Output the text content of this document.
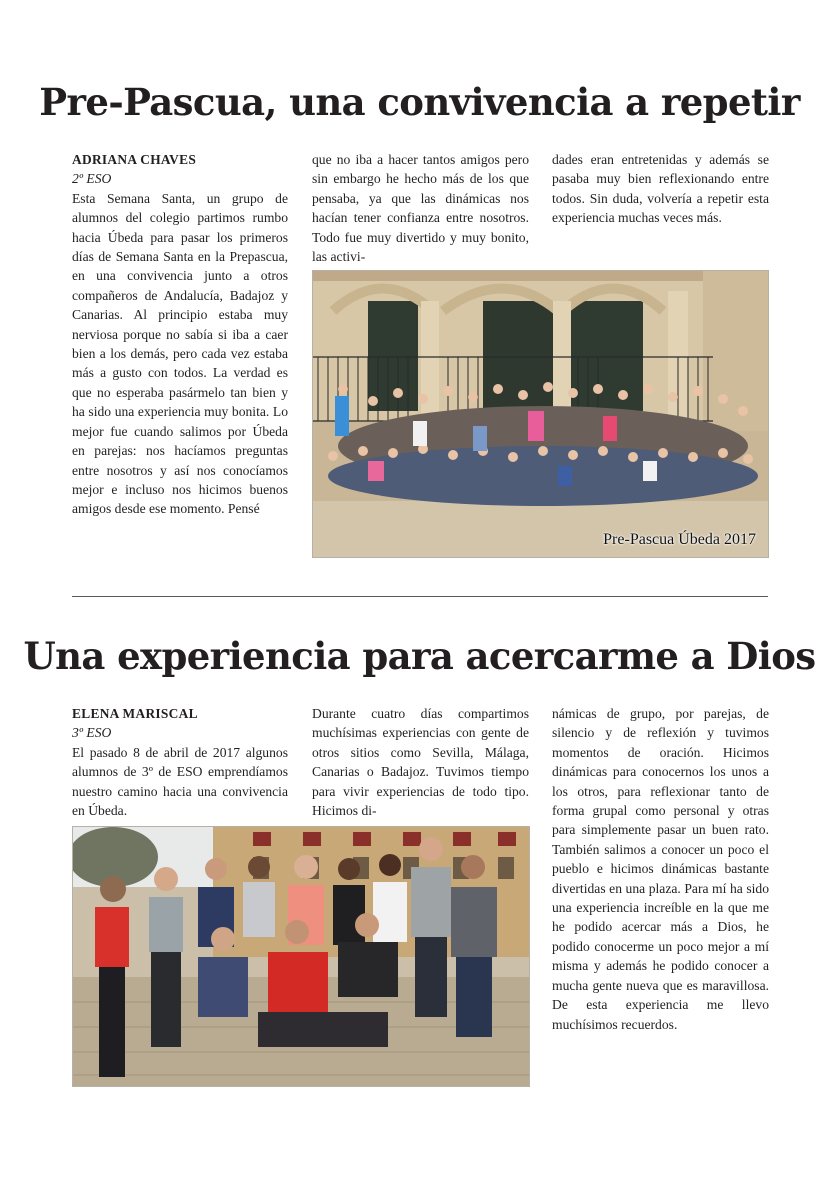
Pre-Pascua, una convivencia a repetir

ADRIANA CHAVES

2º ESO

Esta Semana Santa, un grupo de alumnos del colegio partimos rumbo hacia Úbeda para pasar los primeros días de Semana Santa en la Prepascua, en una convivencia junto a otros compañeros de Andalucía, Badajoz y Canarias. Al principio estaba muy nerviosa porque no sabía si iba a caer bien a los demás, pero cada vez estaba más a gusto con todos. La verdad es que no esperaba pasármelo tan bien y ha sido una experiencia muy bonita. Lo mejor fue cuando salimos por Úbeda en parejas: nos hacíamos preguntas entre nosotros y así nos conocíamos mejor e incluso nos hicimos buenos amigos desde ese momento. Pensé

que no iba a hacer tantos amigos pero sin embargo he hecho más de los que pensaba, ya que las dinámicas nos hacían tener confianza entre nosotros. Todo fue muy divertido y muy bonito, las activi-

dades eran entretenidas y además se pasaba muy bien reflexionando entre todos. Sin duda, volvería a repetir esta experiencia muchas veces más.

Pre-Pascua Úbeda 2017
Una experiencia para acercarme a Dios

ELENA MARISCAL

3º ESO

El pasado 8 de abril de 2017 algunos alumnos de 3º de ESO emprendíamos nuestro camino hacia una convivencia en Úbeda.

Durante cuatro días compartimos muchísimas experiencias con gente de otros sitios como Sevilla, Málaga, Canarias o Badajoz. Tuvimos tiempo para vivir experiencias de todo tipo. Hicimos di-

námicas de grupo, por parejas, de silencio y de reflexión y tuvimos momentos de oración. Hicimos dinámicas para conocernos los unos a los otros, para reflexionar tanto de forma grupal como personal y otras para simplemente pasar un buen rato. También salimos a conocer un poco el pueblo e hicimos dinámicas bastante divertidas en una plaza. Para mí ha sido una experiencia increíble en la que me he podido acercar más a Dios, he podido conocerme un poco mejor a mí misma y además he podido conocer a mucha gente nueva que es maravillosa. De esta experiencia me llevo muchísimos recuerdos.
